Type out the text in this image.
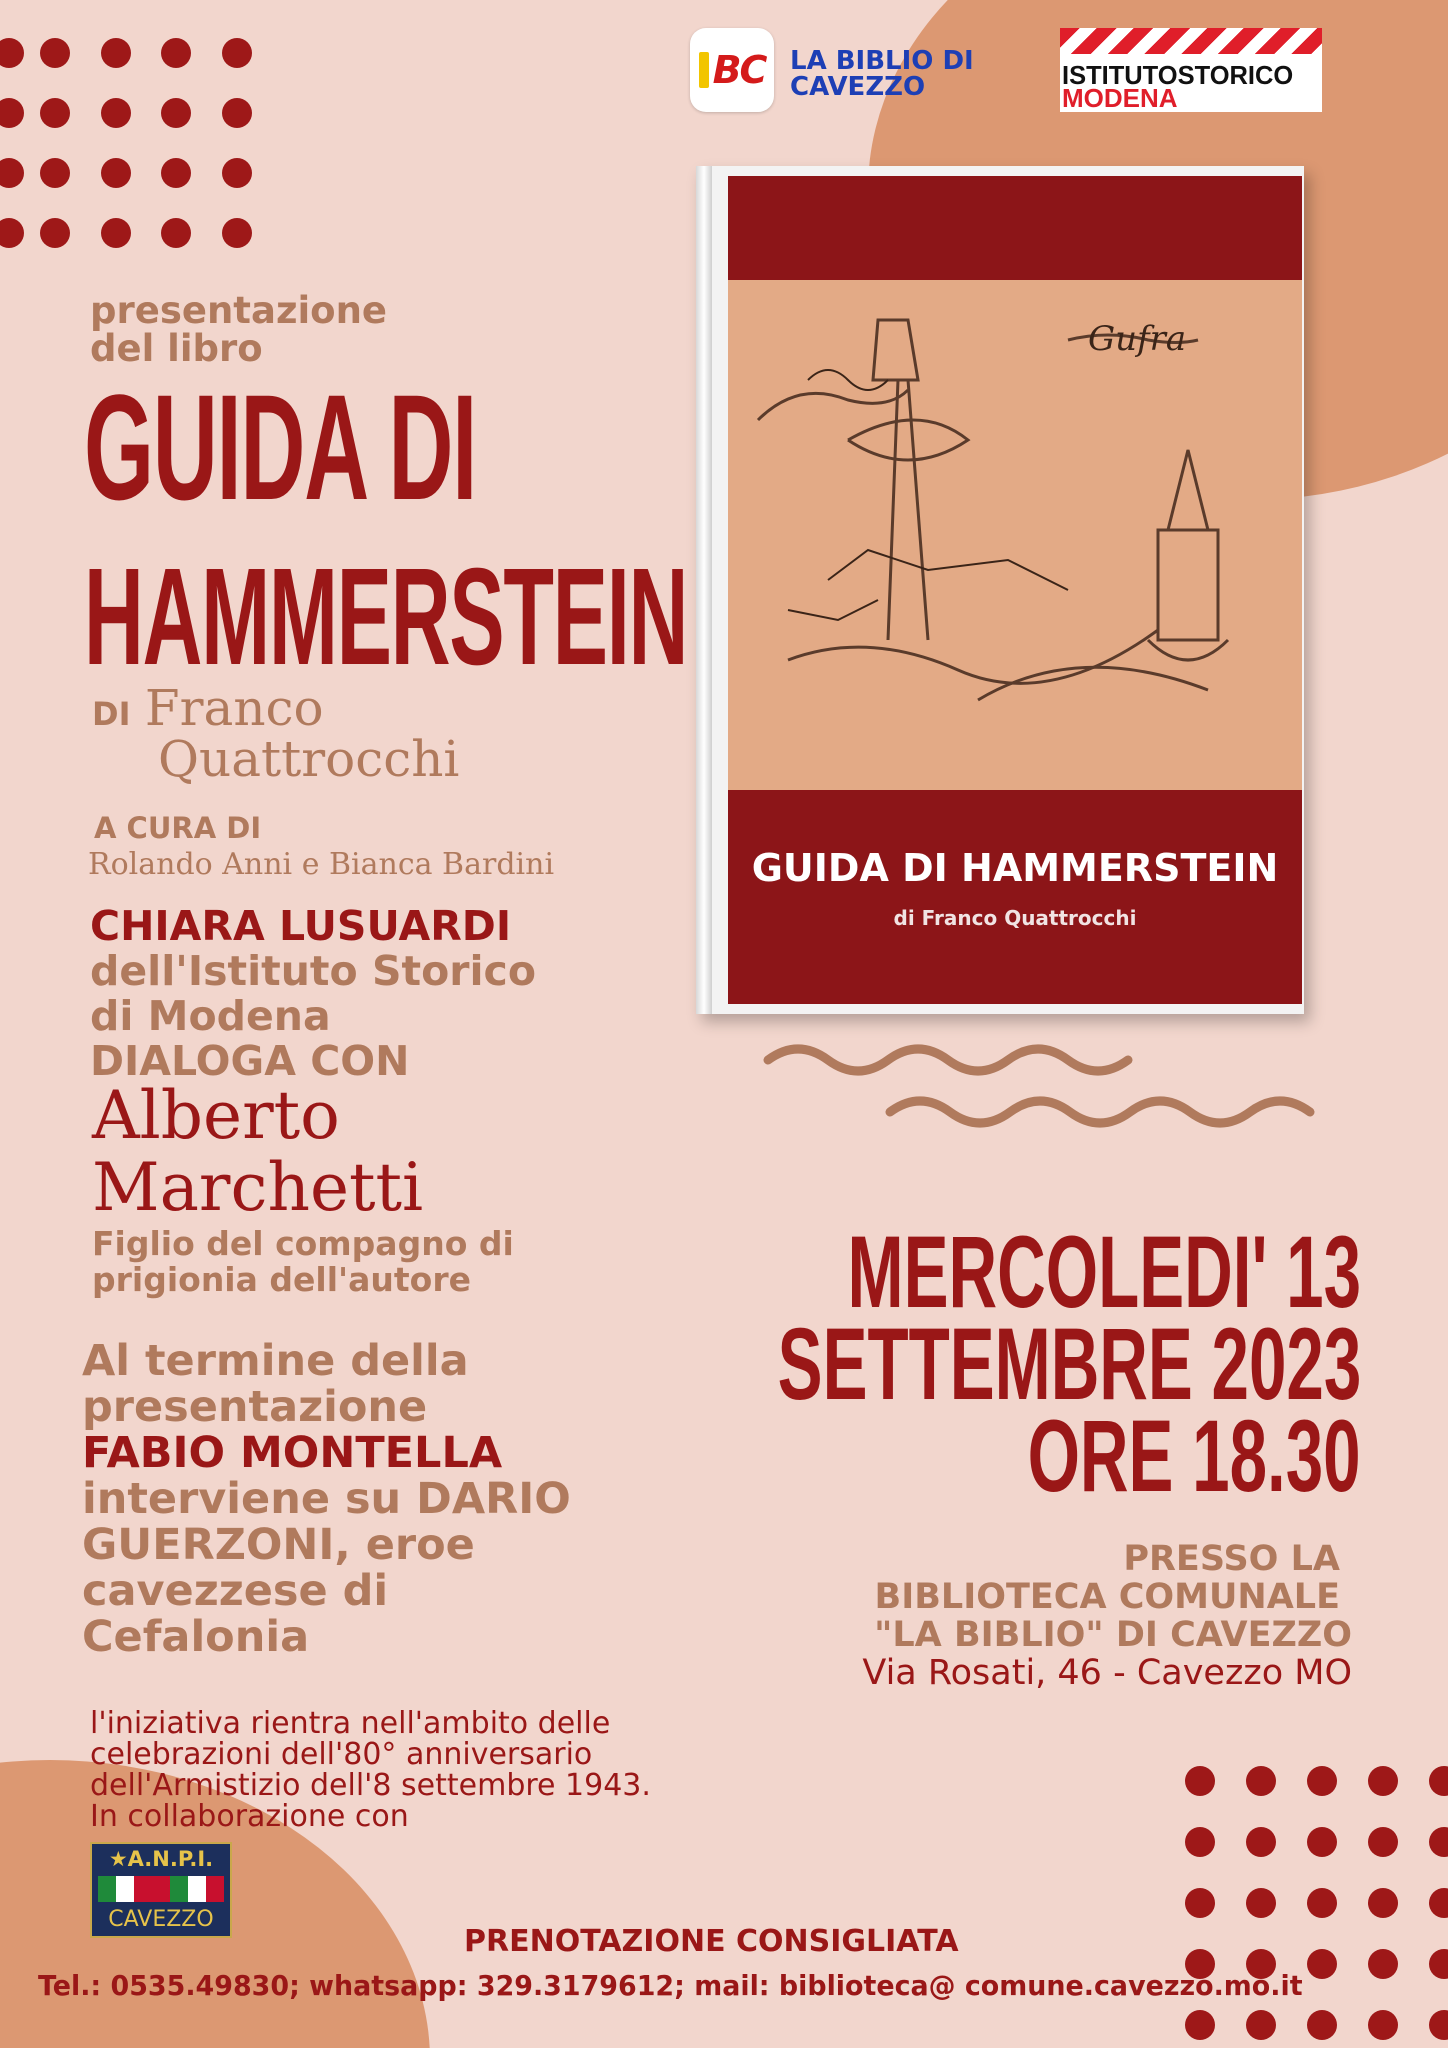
BC LA BIBLIO DI
CAVEZZO	ISTITUTOSTORICO
MODENA
presentazione
del libro
GUIDA DI
HAMMERSTEIN
DI Franco
Quattrocchi
A CURA DI
Rolando Anni e Bianca Bardini
CHIARA LUSUARDI
dell'Istituto Storico
di Modena
DIALOGA CON
Alberto
Marchetti
Figlio del compagno di
prigionia dell'autore
Al termine della
presentazione
FABIO MONTELLA
interviene su DARIO
GUERZONI, eroe
cavezzese di
Cefalonia
l'iniziativa rientra nell'ambito delle
celebrazioni dell'80° anniversario
dell'Armistizio dell'8 settembre 1943.
In collaborazione con
★A.N.P.I.
CAVEZZO
Gufra
GUIDA DI HAMMERSTEIN
di Franco Quattrocchi
MERCOLEDI' 13
SETTEMBRE 2023
ORE 18.30
PRESSO LA
BIBLIOTECA COMUNALE
"LA BIBLIO" DI CAVEZZO
Via Rosati, 46 - Cavezzo MO
PRENOTAZIONE CONSIGLIATA
Tel.: 0535.49830; whatsapp: 329.3179612; mail: biblioteca@ comune.cavezzo.mo.it
